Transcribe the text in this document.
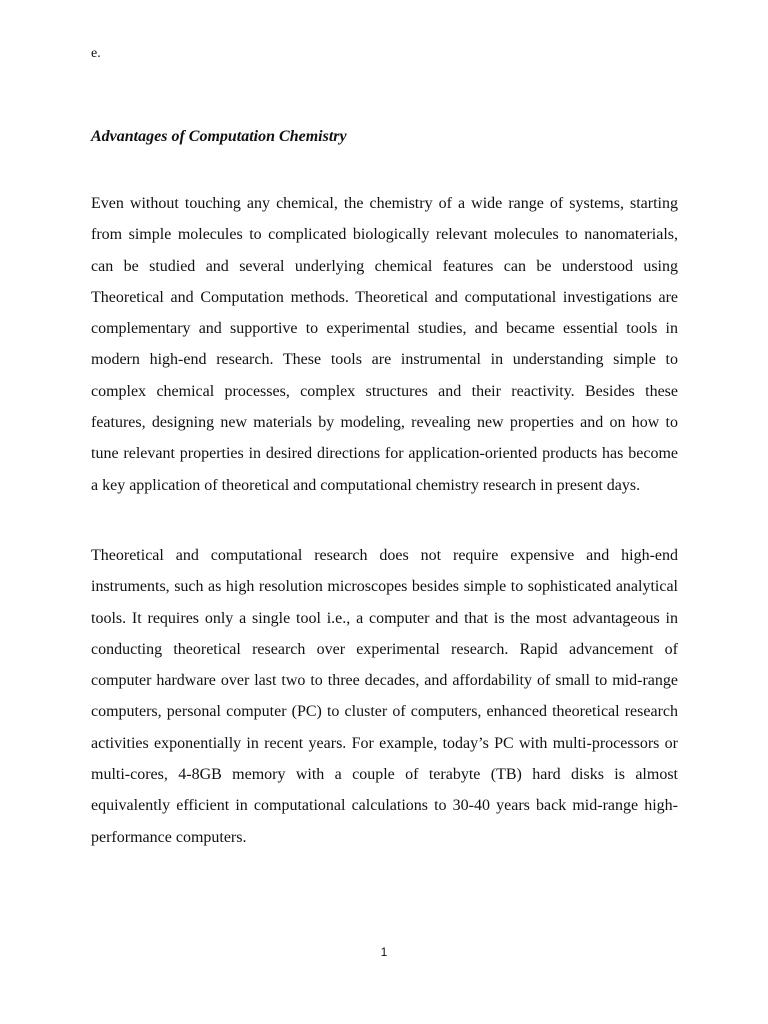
e.
Advantages of Computation Chemistry

Even without touching any chemical, the chemistry of a wide range of systems, starting from simple molecules to complicated biologically relevant molecules to nanomaterials, can be studied and several underlying chemical features can be understood using Theoretical and Computation methods. Theoretical and computational investigations are complementary and supportive to experimental studies, and became essential tools in modern high-end research. These tools are instrumental in understanding simple to complex chemical processes, complex structures and their reactivity. Besides these features, designing new materials by modeling, revealing new properties and on how to tune relevant properties in desired directions for application-oriented products has become a key application of theoretical and computational chemistry research in present days.

Theoretical and computational research does not require expensive and high-end instruments, such as high resolution microscopes besides simple to sophisticated analytical tools. It requires only a single tool i.e., a computer and that is the most advantageous in conducting theoretical research over experimental research. Rapid advancement of computer hardware over last two to three decades, and affordability of small to mid-range computers, personal computer (PC) to cluster of computers, enhanced theoretical research activities exponentially in recent years. For example, today’s PC with multi-processors or multi-cores, 4-8GB memory with a couple of terabyte (TB) hard disks is almost equivalently efficient in computational calculations to 30-40 years back mid-range high-performance computers.

1
